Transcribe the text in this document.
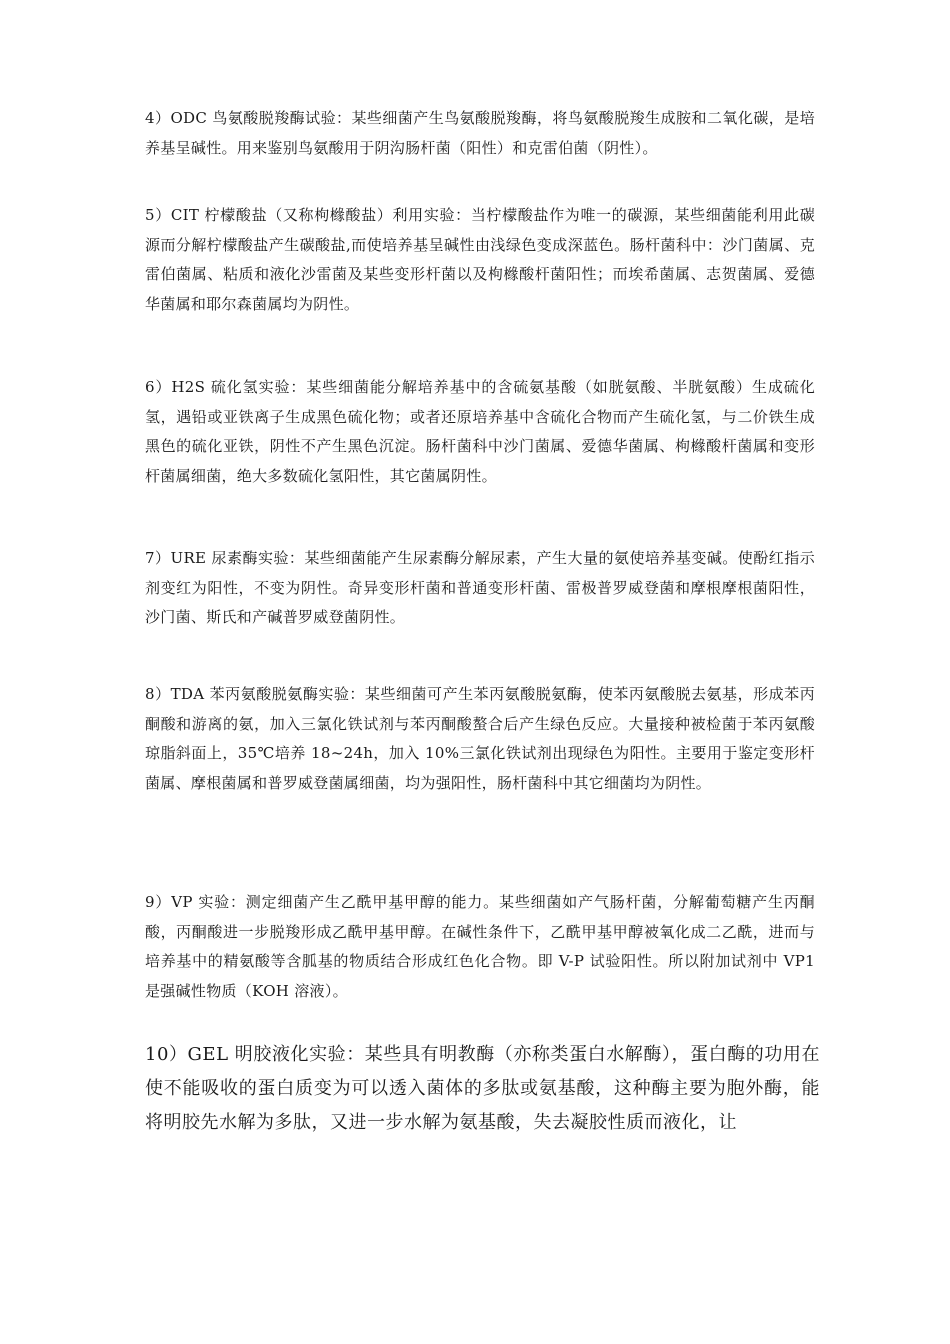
4）ODC 鸟氨酸脱羧酶试验：某些细菌产生鸟氨酸脱羧酶，将鸟氨酸脱羧生成胺和二氧化碳，是培养基呈碱性。用来鉴别鸟氨酸用于阴沟肠杆菌（阳性）和克雷伯菌（阴性）。

5）CIT 柠檬酸盐（又称枸橼酸盐）利用实验：当柠檬酸盐作为唯一的碳源，某些细菌能利用此碳源而分解柠檬酸盐产生碳酸盐,而使培养基呈碱性由浅绿色变成深蓝色。肠杆菌科中：沙门菌属、克雷伯菌属、粘质和液化沙雷菌及某些变形杆菌以及枸橼酸杆菌阳性；而埃希菌属、志贺菌属、爱德华菌属和耶尔森菌属均为阴性。

6）H2S 硫化氢实验：某些细菌能分解培养基中的含硫氨基酸（如胱氨酸、半胱氨酸）生成硫化氢，遇铅或亚铁离子生成黑色硫化物；或者还原培养基中含硫化合物而产生硫化氢，与二价铁生成黑色的硫化亚铁，阴性不产生黑色沉淀。肠杆菌科中沙门菌属、爱德华菌属、枸橼酸杆菌属和变形杆菌属细菌，绝大多数硫化氢阳性，其它菌属阴性。

7）URE 尿素酶实验：某些细菌能产生尿素酶分解尿素，产生大量的氨使培养基变碱。使酚红指示剂变红为阳性，不变为阴性。奇异变形杆菌和普通变形杆菌、雷极普罗威登菌和摩根摩根菌阳性，沙门菌、斯氏和产碱普罗威登菌阴性。

8）TDA 苯丙氨酸脱氨酶实验：某些细菌可产生苯丙氨酸脱氨酶，使苯丙氨酸脱去氨基，形成苯丙酮酸和游离的氨，加入三氯化铁试剂与苯丙酮酸螯合后产生绿色反应。大量接种被检菌于苯丙氨酸琼脂斜面上，35℃培养 18~24h，加入 10%三氯化铁试剂出现绿色为阳性。主要用于鉴定变形杆菌属、摩根菌属和普罗威登菌属细菌，均为强阳性，肠杆菌科中其它细菌均为阴性。

9）VP 实验：测定细菌产生乙酰甲基甲醇的能力。某些细菌如产气肠杆菌，分解葡萄糖产生丙酮酸，丙酮酸进一步脱羧形成乙酰甲基甲醇。在碱性条件下，乙酰甲基甲醇被氧化成二乙酰，进而与培养基中的精氨酸等含胍基的物质结合形成红色化合物。即 V-P 试验阳性。所以附加试剂中 VP1 是强碱性物质（KOH 溶液）。

10）GEL 明胶液化实验：某些具有明教酶（亦称类蛋白水解酶），蛋白酶的功用在使不能吸收的蛋白质变为可以透入菌体的多肽或氨基酸，这种酶主要为胞外酶，能将明胶先水解为多肽，又进一步水解为氨基酸，失去凝胶性质而液化，让
